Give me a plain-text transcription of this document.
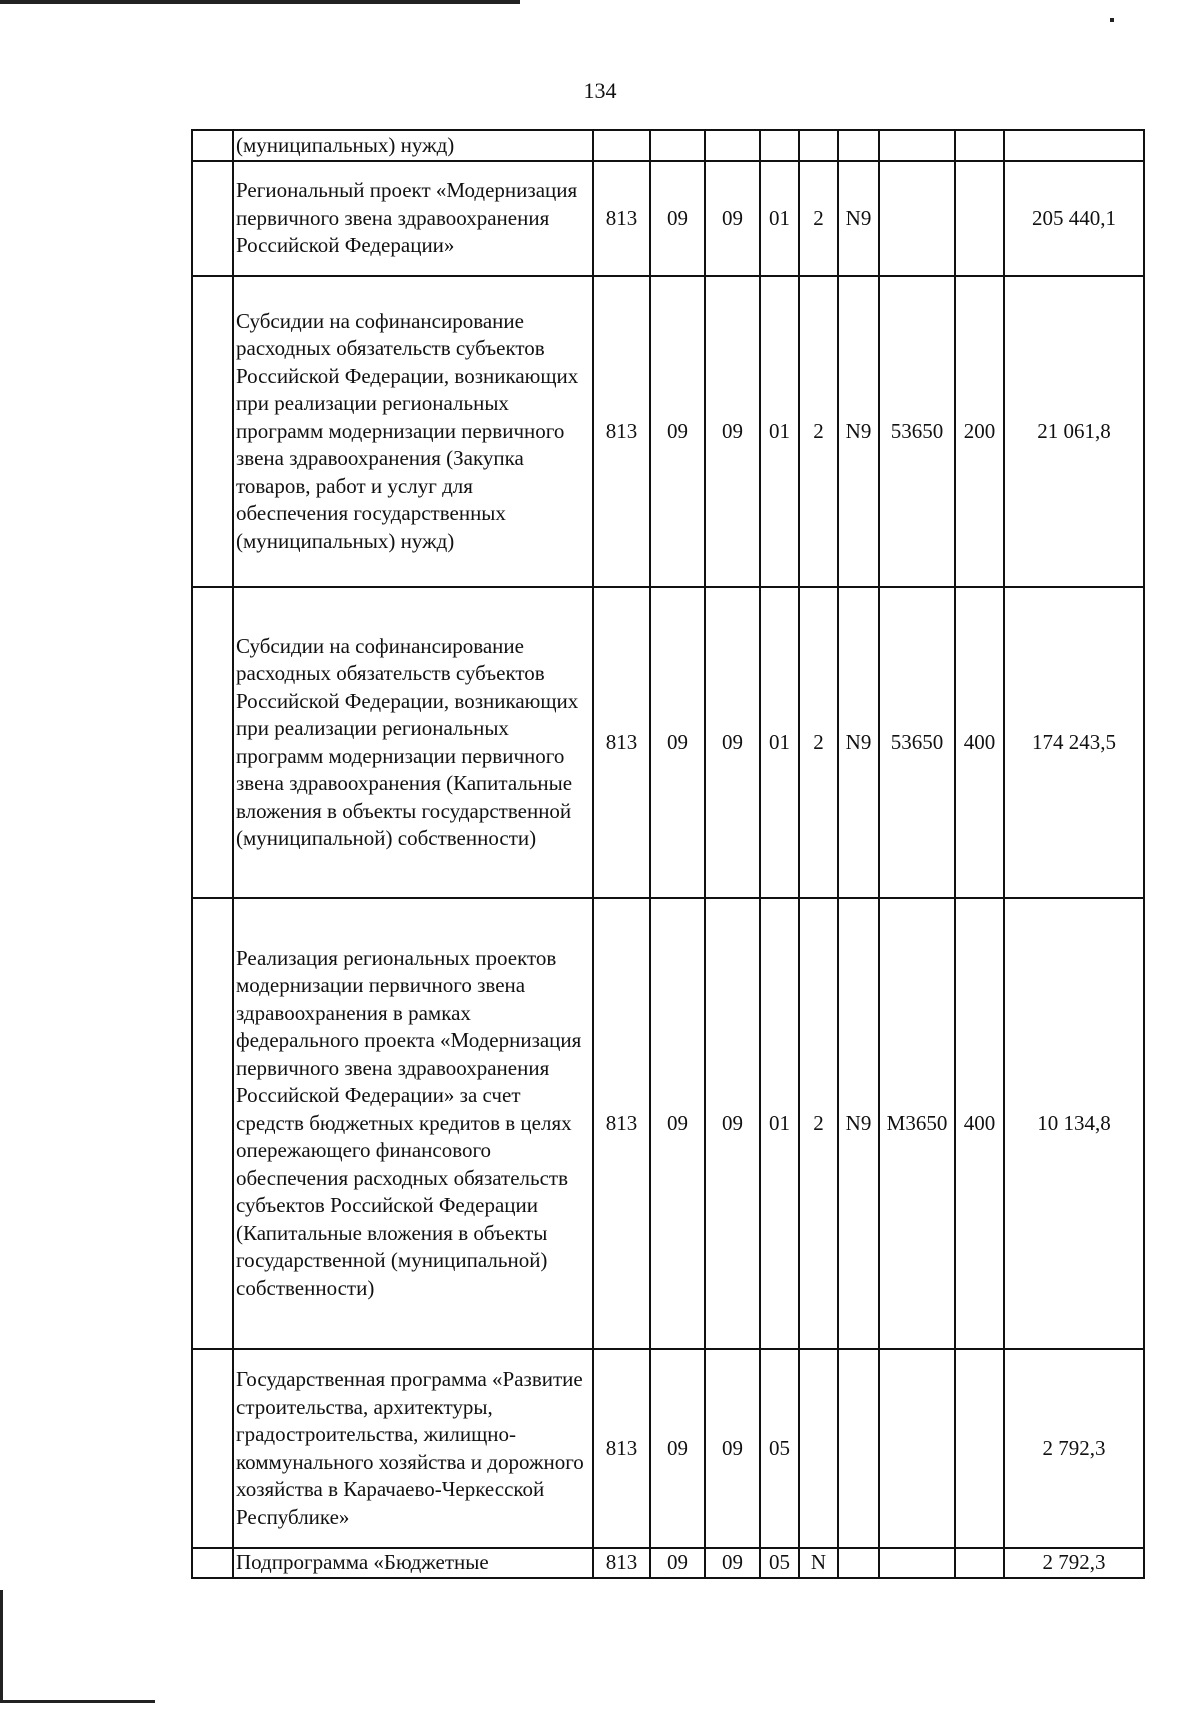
134
	(муниципальных) нужд)									
	Региональный проект «Модернизация первичного звена здравоохранения Российской Федерации»	813	09	09	01	2	N9			205 440,1
	Субсидии на софинансирование расходных обязательств субъектов Российской Федерации, возникающих при реализации региональных программ модернизации первичного звена здравоохранения (Закупка товаров, работ и услуг для обеспечения государственных (муниципальных) нужд)	813	09	09	01	2	N9	53650	200	21 061,8
	Субсидии на софинансирование расходных обязательств субъектов Российской Федерации, возникающих при реализации региональных программ модернизации первичного звена здравоохранения (Капитальные вложения в объекты государственной (муниципальной) собственности)	813	09	09	01	2	N9	53650	400	174 243,5
	Реализация региональных проектов модернизации первичного звена здравоохранения в рамках федерального проекта «Модернизация первичного звена здравоохранения Российской Федерации» за счет средств бюджетных кредитов в целях опережающего финансового обеспечения расходных обязательств субъектов Российской Федерации (Капитальные вложения в объекты государственной (муниципальной) собственности)	813	09	09	01	2	N9	M3650	400	10 134,8
	Государственная программа «Развитие строительства, архитектуры, градостроительства, жилищно-коммунального хозяйства и дорожного хозяйства в Карачаево-Черкесской Республике»	813	09	09	05					2 792,3
	Подпрограмма «Бюджетные	813	09	09	05	N				2 792,3
